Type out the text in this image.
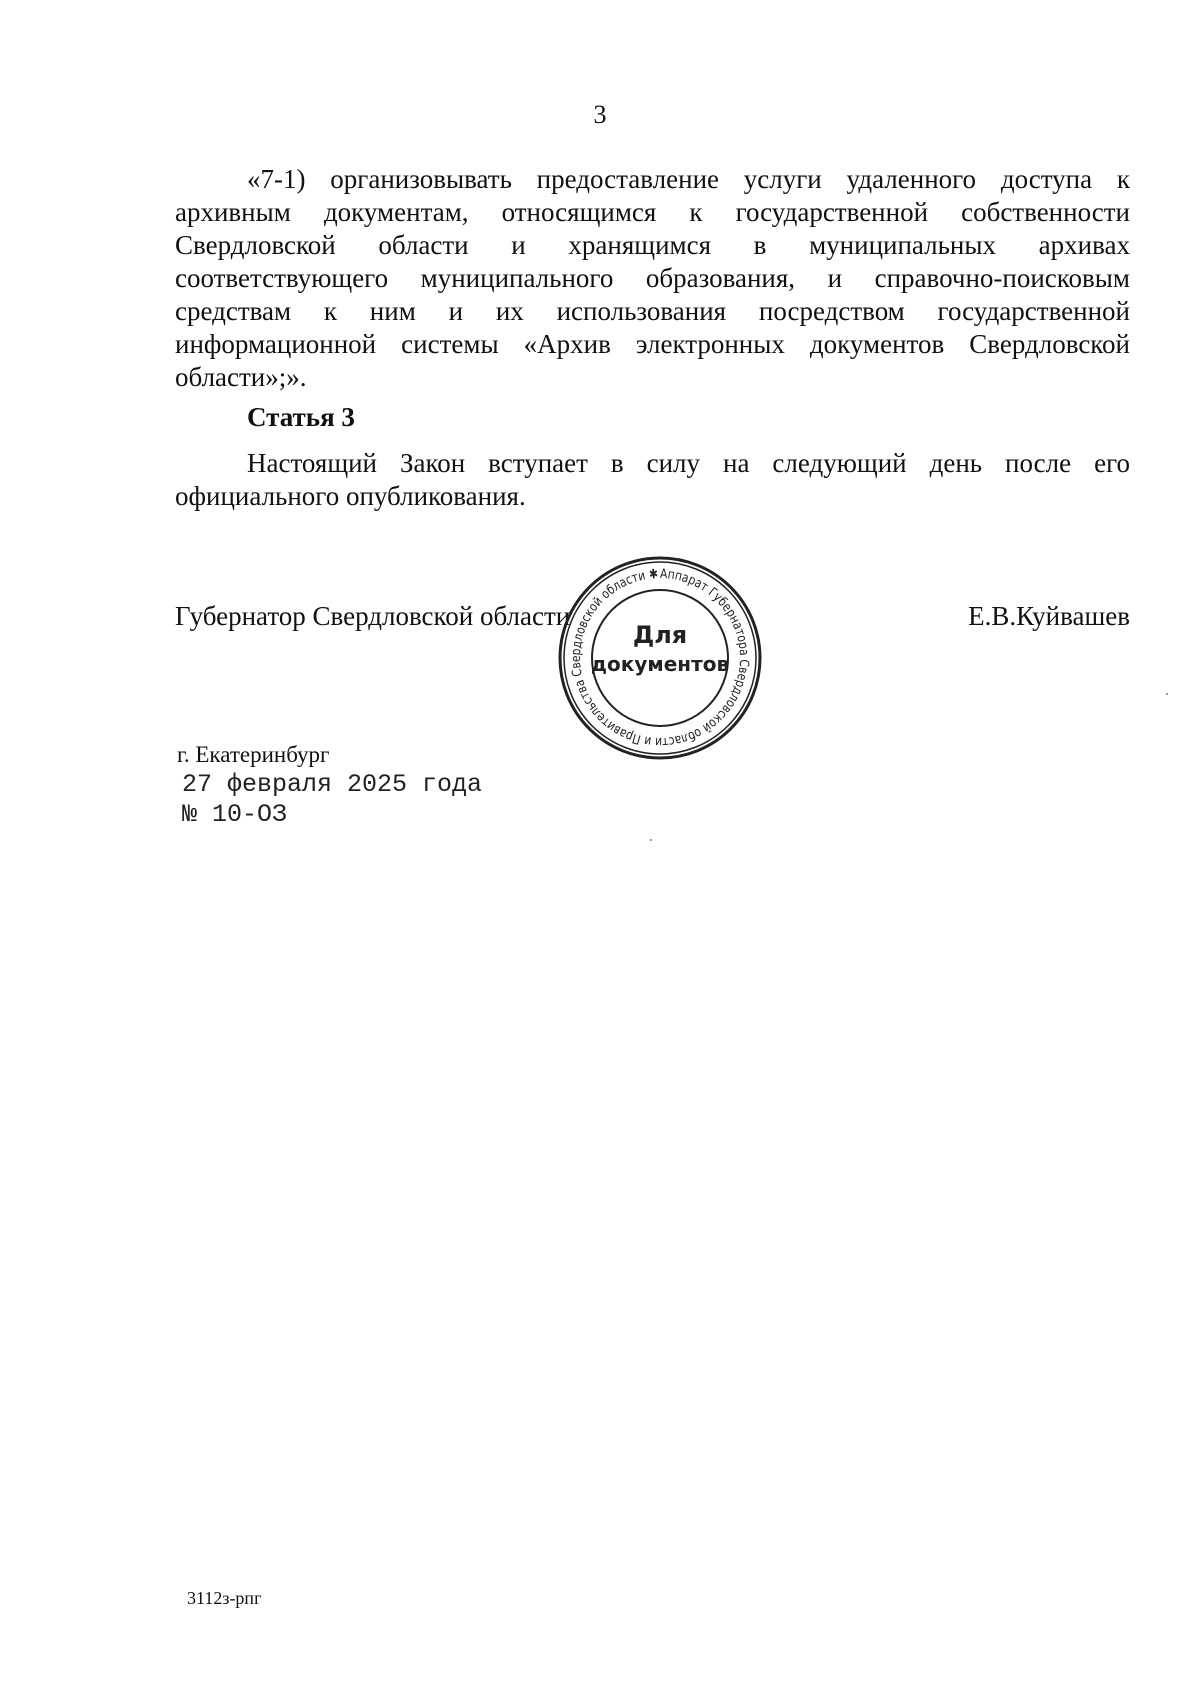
3

«7-1) организовывать предоставление услуги удаленного доступа к архивным документам, относящимся к государственной собственности Свердловской области и хранящимся в муниципальных архивах соответствующего муниципального образования, и справочно-поисковым средствам к ним и их использования посредством государственной информационной системы «Архив электронных документов Свердловской области»;».

Статья 3

Настоящий Закон вступает в силу на следующий день после его официального опубликования.

Губернатор Свердловской области	Е.В.Куйвашев
Аппарат Губернатора Свердловской области и Правительства Свердловской области ✱
Для
документов
г. Екатеринбург
27 февраля 2025 года
№ 10-ОЗ
3112з-рпг
